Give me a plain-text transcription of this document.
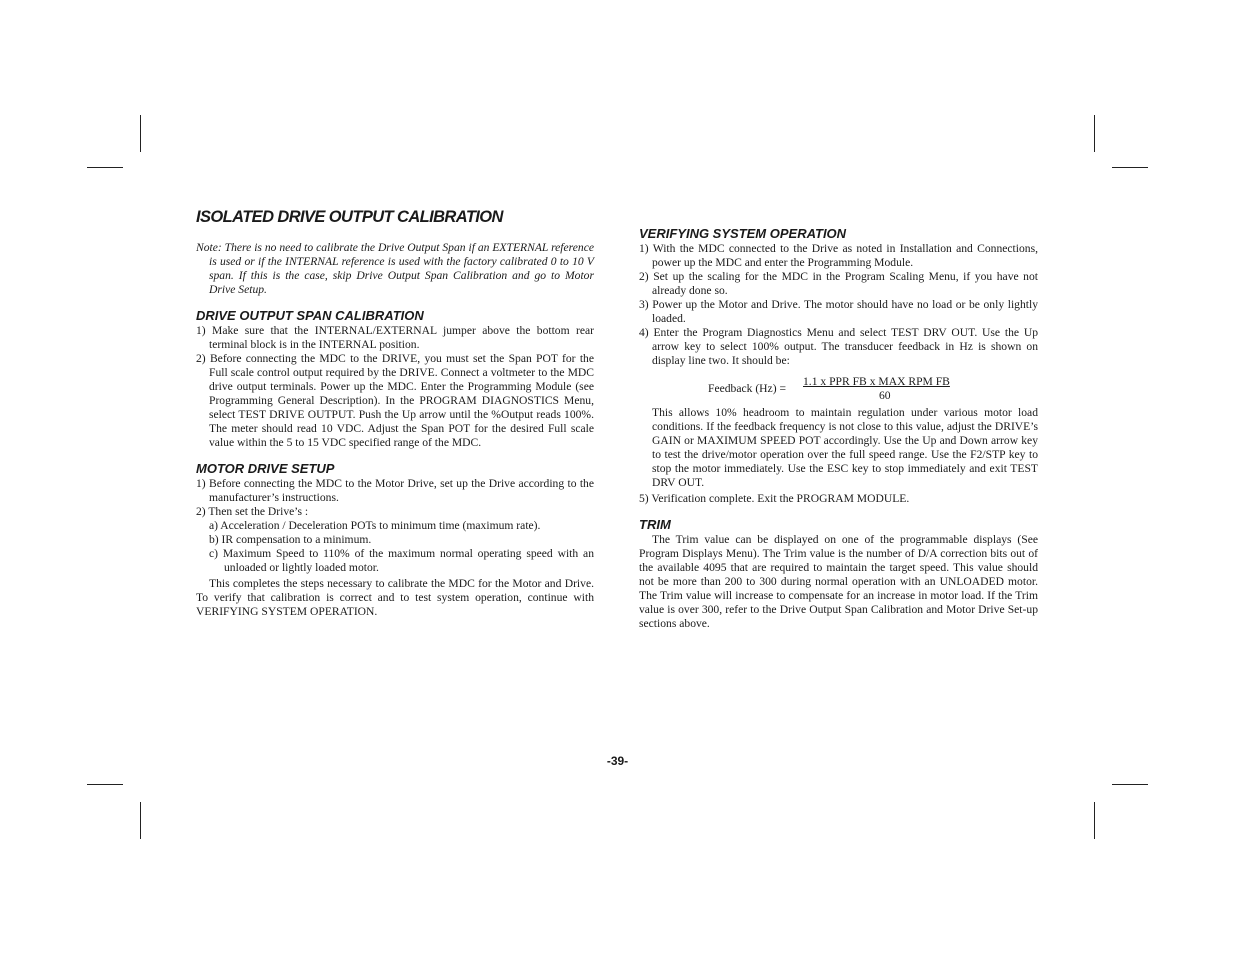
ISOLATED DRIVE OUTPUT CALIBRATION

Note: There is no need to calibrate the Drive Output Span if an EXTERNAL reference is used or if the INTERNAL reference is used with the factory calibrated 0 to 10 V span. If this is the case, skip Drive Output Span Calibration and go to Motor Drive Setup.

DRIVE OUTPUT SPAN CALIBRATION

1) Make sure that the INTERNAL/EXTERNAL jumper above the bottom rear terminal block is in the INTERNAL position.

2) Before connecting the MDC to the DRIVE, you must set the Span POT for the Full scale control output required by the DRIVE. Connect a voltmeter to the MDC drive output terminals. Power up the MDC. Enter the Programming Module (see Programming General Description). In the PROGRAM DIAGNOSTICS Menu, select TEST DRIVE OUTPUT. Push the Up arrow until the %Output reads 100%. The meter should read 10 VDC. Adjust the Span POT for the desired Full scale value within the 5 to 15 VDC specified range of the MDC.

MOTOR DRIVE SETUP

1) Before connecting the MDC to the Motor Drive, set up the Drive according to the manufacturer’s instructions.

2) Then set the Drive’s :

a) Acceleration / Deceleration POTs to minimum time (maximum rate).

b) IR compensation to a minimum.

c) Maximum Speed to 110% of the maximum normal operating speed with an unloaded or lightly loaded motor.

This completes the steps necessary to calibrate the MDC for the Motor and Drive. To verify that calibration is correct and to test system operation, continue with VERIFYING SYSTEM OPERATION.

VERIFYING SYSTEM OPERATION

1) With the MDC connected to the Drive as noted in Installation and Connections, power up the MDC and enter the Programming Module.

2) Set up the scaling for the MDC in the Program Scaling Menu, if you have not already done so.

3) Power up the Motor and Drive. The motor should have no load or be only lightly loaded.

4) Enter the Program Diagnostics Menu and select TEST DRV OUT. Use the Up arrow key to select 100% output. The transducer feedback in Hz is shown on display line two. It should be:

Feedback (Hz) =
1.1 x PPR FB x MAX RPM FB
60

This allows 10% headroom to maintain regulation under various motor load conditions. If the feedback frequency is not close to this value, adjust the DRIVE’s GAIN or MAXIMUM SPEED POT accordingly. Use the Up and Down arrow key to test the drive/motor operation over the full speed range. Use the F2/STP key to stop the motor immediately. Use the ESC key to stop immediately and exit TEST DRV OUT.

5) Verification complete. Exit the PROGRAM MODULE.

TRIM

The Trim value can be displayed on one of the programmable displays (See Program Displays Menu). The Trim value is the number of D/A correction bits out of the available 4095 that are required to maintain the target speed. This value should not be more than 200 to 300 during normal operation with an UNLOADED motor. The Trim value will increase to compensate for an increase in motor load. If the Trim value is over 300, refer to the Drive Output Span Calibration and Motor Drive Set-up sections above.

-39-
